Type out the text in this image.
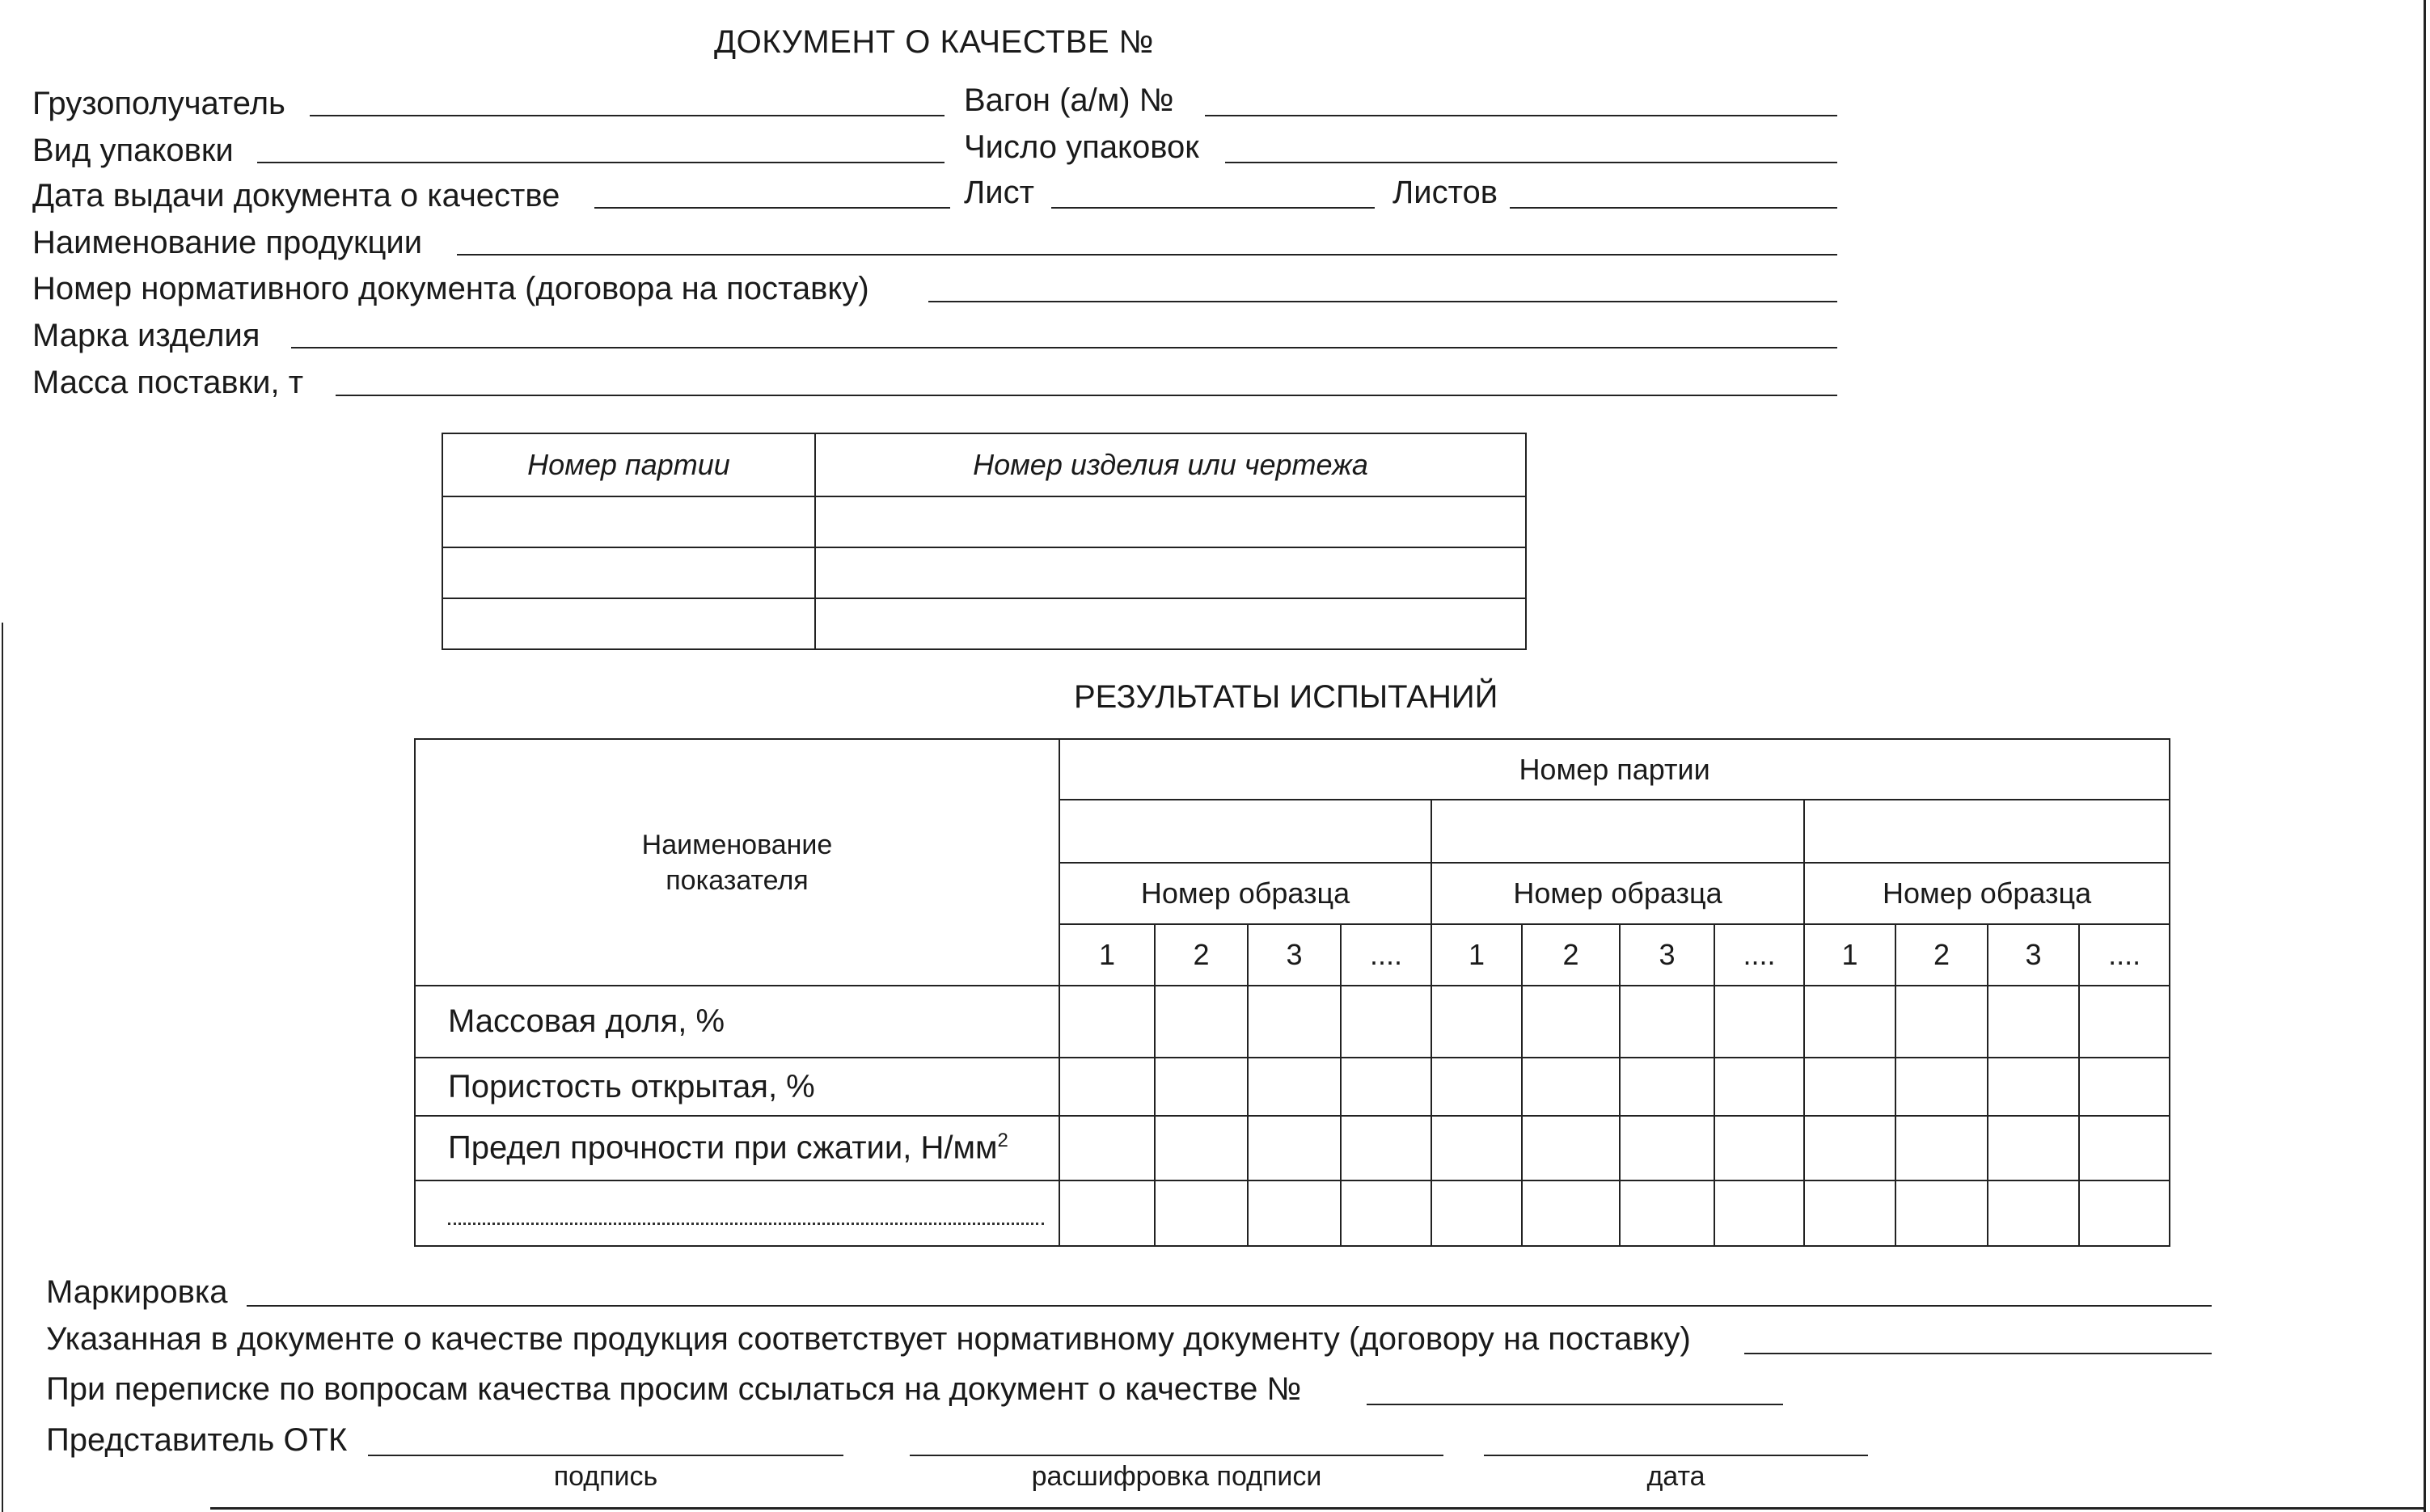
ДОКУМЕНТ О КАЧЕСТВЕ №
Грузополучатель	Вагон (а/м) №
Вид упаковки	Число упаковок
Дата выдачи документа о качестве	Лист	Листов
Наименование продукции
Номер нормативного документа (договора на поставку)
Марка изделия
Масса поставки, т
Номер партии	Номер изделия или чертежа

РЕЗУЛЬТАТЫ ИСПЫТАНИЙ
Наименование показателя	Номер партии											

	Номер образца				Номер образца				Номер образца			
	1	2	3	....	1	2	3	....	1	2	3	....
Массовая доля, %												
Пористость открытая, %												
Предел прочности при сжатии, $Н/мм^2$												

Маркировка
Указанная в документе о качестве продукция соответствует нормативному документу (договору на поставку)
При переписке по вопросам качества просим ссылаться на документ о качестве №
Представитель ОТК
подпись	расшифровка подписи	дата
